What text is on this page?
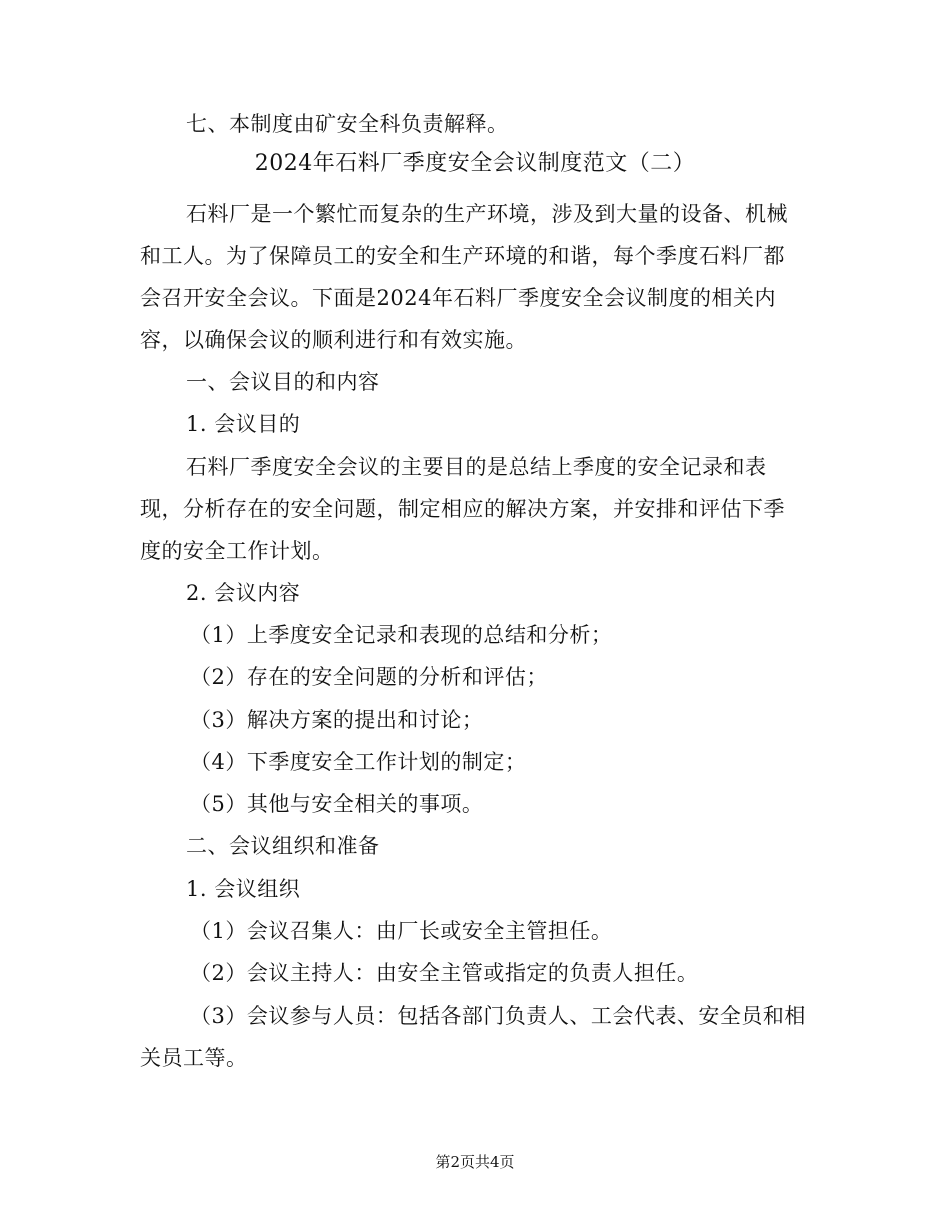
七、本制度由矿安全科负责解释。
2024年石料厂季度安全会议制度范文（二）
石料厂是一个繁忙而复杂的生产环境，涉及到大量的设备、机械
和工人。为了保障员工的安全和生产环境的和谐，每个季度石料厂都
会召开安全会议。下面是2024年石料厂季度安全会议制度的相关内
容，以确保会议的顺利进行和有效实施。
一、会议目的和内容
1. 会议目的
石料厂季度安全会议的主要目的是总结上季度的安全记录和表
现，分析存在的安全问题，制定相应的解决方案，并安排和评估下季
度的安全工作计划。
2. 会议内容
（1）上季度安全记录和表现的总结和分析；
（2）存在的安全问题的分析和评估；
（3）解决方案的提出和讨论；
（4）下季度安全工作计划的制定；
（5）其他与安全相关的事项。
二、会议组织和准备
1. 会议组织
（1）会议召集人：由厂长或安全主管担任。
（2）会议主持人：由安全主管或指定的负责人担任。
（3）会议参与人员：包括各部门负责人、工会代表、安全员和相
关员工等。
第2页共4页
